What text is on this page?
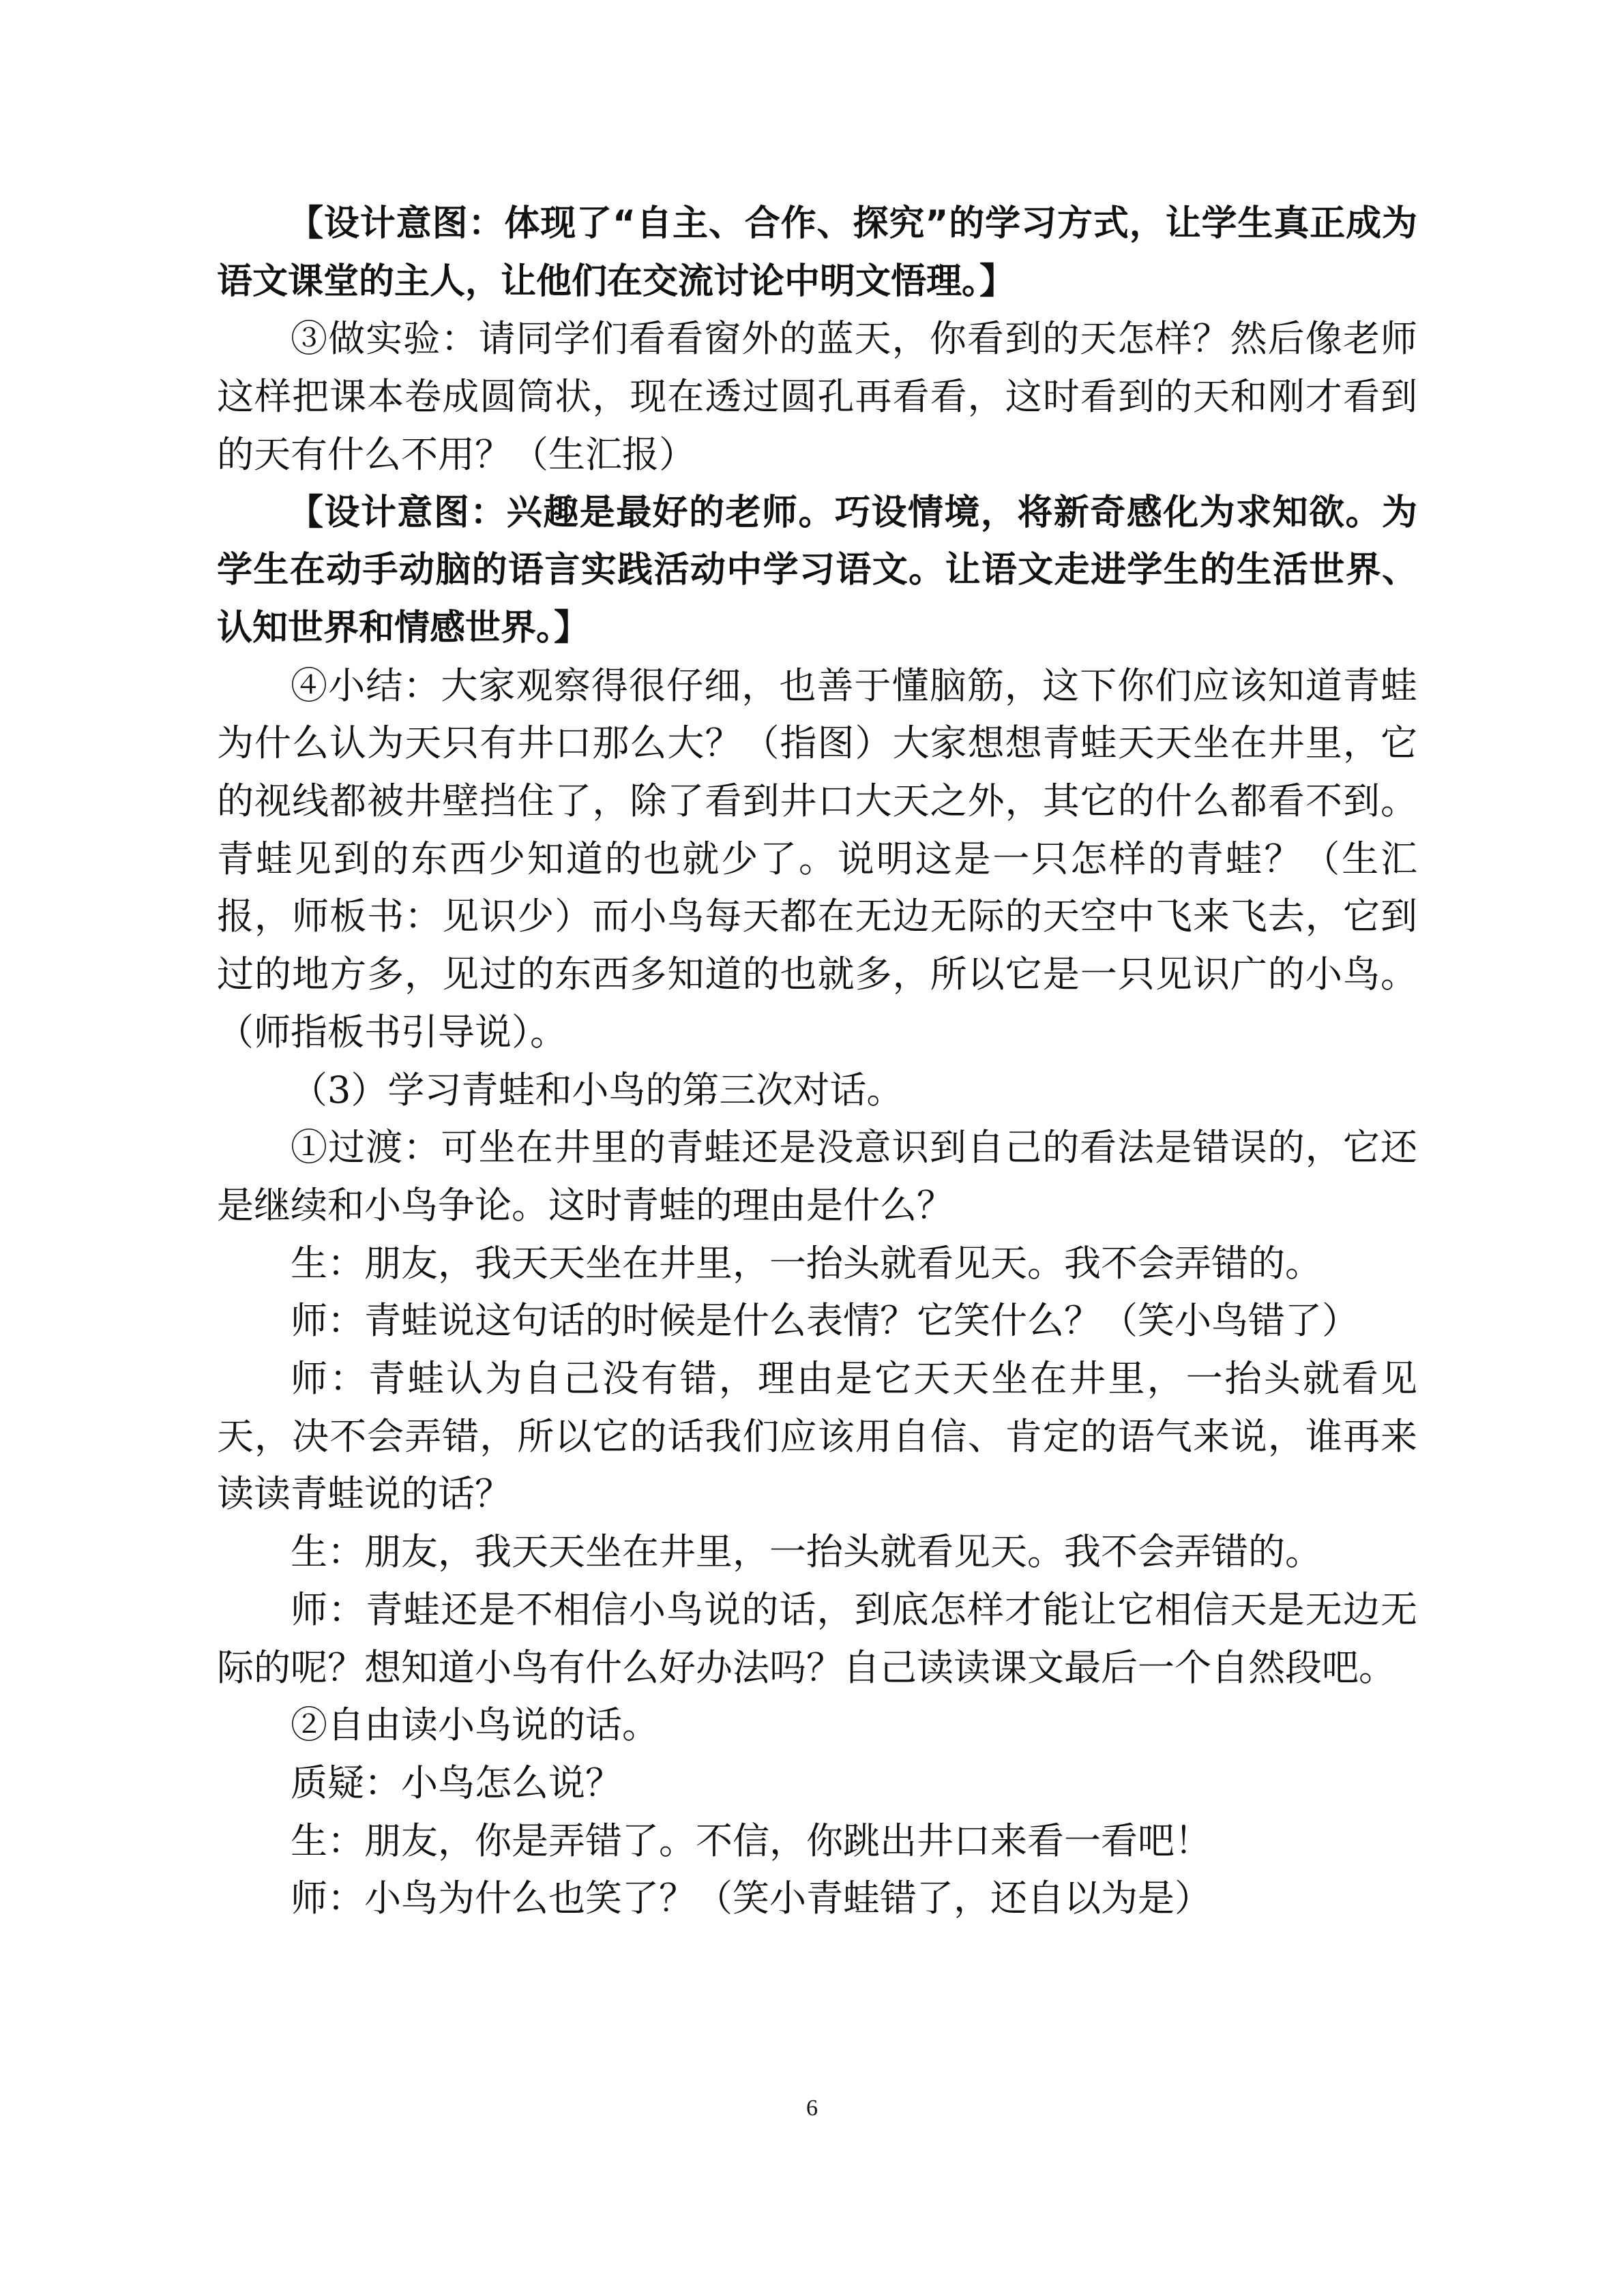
【设计意图：体现了“自主、合作、探究”的学习方式，让学生真正成为语文课堂的主人，让他们在交流讨论中明文悟理。】

③做实验：请同学们看看窗外的蓝天，你看到的天怎样？然后像老师这样把课本卷成圆筒状，现在透过圆孔再看看，这时看到的天和刚才看到的天有什么不用？（生汇报）

【设计意图：兴趣是最好的老师。巧设情境，将新奇感化为求知欲。为学生在动手动脑的语言实践活动中学习语文。让语文走进学生的生活世界、认知世界和情感世界。】

④小结：大家观察得很仔细，也善于懂脑筋，这下你们应该知道青蛙为什么认为天只有井口那么大？（指图）大家想想青蛙天天坐在井里，它的视线都被井壁挡住了，除了看到井口大天之外，其它的什么都看不到。青蛙见到的东西少知道的也就少了。说明这是一只怎样的青蛙？（生汇报，师板书：见识少）而小鸟每天都在无边无际的天空中飞来飞去，它到过的地方多，见过的东西多知道的也就多，所以它是一只见识广的小鸟。（师指板书引导说）。

（3）学习青蛙和小鸟的第三次对话。

①过渡：可坐在井里的青蛙还是没意识到自己的看法是错误的，它还是继续和小鸟争论。这时青蛙的理由是什么？

生：朋友，我天天坐在井里，一抬头就看见天。我不会弄错的。

师：青蛙说这句话的时候是什么表情？它笑什么？（笑小鸟错了）

师：青蛙认为自己没有错，理由是它天天坐在井里，一抬头就看见天，决不会弄错，所以它的话我们应该用自信、肯定的语气来说，谁再来读读青蛙说的话？

生：朋友，我天天坐在井里，一抬头就看见天。我不会弄错的。

师：青蛙还是不相信小鸟说的话，到底怎样才能让它相信天是无边无际的呢？想知道小鸟有什么好办法吗？自己读读课文最后一个自然段吧。

②自由读小鸟说的话。

质疑：小鸟怎么说？

生：朋友，你是弄错了。不信，你跳出井口来看一看吧！

师：小鸟为什么也笑了？（笑小青蛙错了，还自以为是）

6
